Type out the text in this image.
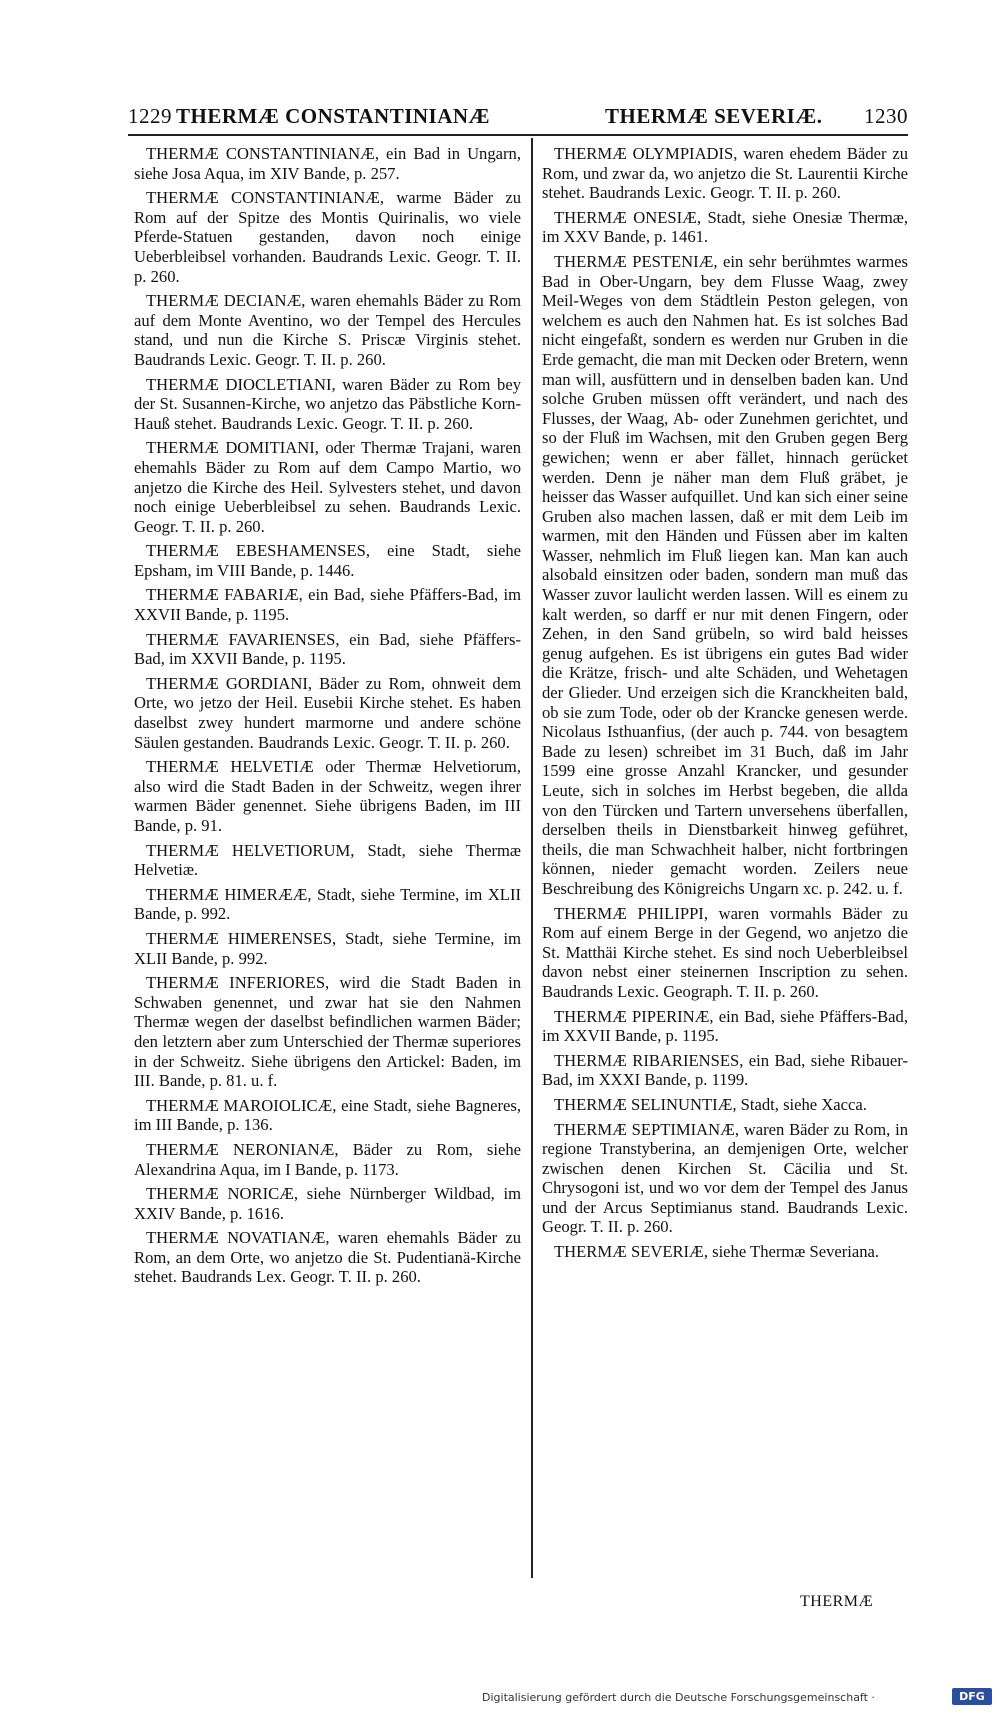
1229 THERMÆ CONSTANTINIANÆ	THERMÆ SEVERIÆ. 1230

THERMÆ CONSTANTINIANÆ, ein Bad in Ungarn, siehe Josa Aqua, im XIV Bande, p. 257.

THERMÆ CONSTANTINIANÆ, warme Bäder zu Rom auf der Spitze des Montis Quirinalis, wo viele Pferde-Statuen gestanden, davon noch einige Ueberbleibsel vorhanden. Baudrands Lexic. Geogr. T. II. p. 260.

THERMÆ DECIANÆ, waren ehemahls Bäder zu Rom auf dem Monte Aventino, wo der Tempel des Hercules stand, und nun die Kirche S. Priscæ Virginis stehet. Baudrands Lexic. Geogr. T. II. p. 260.

THERMÆ DIOCLETIANI, waren Bäder zu Rom bey der St. Susannen-Kirche, wo anjetzo das Päbstliche Korn-Hauß stehet. Baudrands Lexic. Geogr. T. II. p. 260.

THERMÆ DOMITIANI, oder Thermæ Trajani, waren ehemahls Bäder zu Rom auf dem Campo Martio, wo anjetzo die Kirche des Heil. Sylvesters stehet, und davon noch einige Ueberbleibsel zu sehen. Baudrands Lexic. Geogr. T. II. p. 260.

THERMÆ EBESHAMENSES, eine Stadt, siehe Epsham, im VIII Bande, p. 1446.

THERMÆ FABARIÆ, ein Bad, siehe Pfäffers-Bad, im XXVII Bande, p. 1195.

THERMÆ FAVARIENSES, ein Bad, siehe Pfäffers-Bad, im XXVII Bande, p. 1195.

THERMÆ GORDIANI, Bäder zu Rom, ohnweit dem Orte, wo jetzo der Heil. Eusebii Kirche stehet. Es haben daselbst zwey hundert marmorne und andere schöne Säulen gestanden. Baudrands Lexic. Geogr. T. II. p. 260.

THERMÆ HELVETIÆ oder Thermæ Helvetiorum, also wird die Stadt Baden in der Schweitz, wegen ihrer warmen Bäder genennet. Siehe übrigens Baden, im III Bande, p. 91.

THERMÆ HELVETIORUM, Stadt, siehe Thermæ Helvetiæ.

THERMÆ HIMERÆÆ, Stadt, siehe Termine, im XLII Bande, p. 992.

THERMÆ HIMERENSES, Stadt, siehe Termine, im XLII Bande, p. 992.

THERMÆ INFERIORES, wird die Stadt Baden in Schwaben genennet, und zwar hat sie den Nahmen Thermæ wegen der daselbst befindlichen warmen Bäder; den letztern aber zum Unterschied der Thermæ superiores in der Schweitz. Siehe übrigens den Artickel: Baden, im III. Bande, p. 81. u. f.

THERMÆ MAROIOLICÆ, eine Stadt, siehe Bagneres, im III Bande, p. 136.

THERMÆ NERONIANÆ, Bäder zu Rom, siehe Alexandrina Aqua, im I Bande, p. 1173.

THERMÆ NORICÆ, siehe Nürnberger Wildbad, im XXIV Bande, p. 1616.

THERMÆ NOVATIANÆ, waren ehemahls Bäder zu Rom, an dem Orte, wo anjetzo die St. Pudentianä-Kirche stehet. Baudrands Lex. Geogr. T. II. p. 260.

THERMÆ OLYMPIADIS, waren ehedem Bäder zu Rom, und zwar da, wo anjetzo die St. Laurentii Kirche stehet. Baudrands Lexic. Geogr. T. II. p. 260.

THERMÆ ONESIÆ, Stadt, siehe Onesiæ Thermæ, im XXV Bande, p. 1461.

THERMÆ PESTENIÆ, ein sehr berühmtes warmes Bad in Ober-Ungarn, bey dem Flusse Waag, zwey Meil-Weges von dem Städtlein Peston gelegen, von welchem es auch den Nahmen hat. Es ist solches Bad nicht eingefaßt, sondern es werden nur Gruben in die Erde gemacht, die man mit Decken oder Bretern, wenn man will, ausfüttern und in denselben baden kan. Und solche Gruben müssen offt verändert, und nach des Flusses, der Waag, Ab- oder Zunehmen gerichtet, und so der Fluß im Wachsen, mit den Gruben gegen Berg gewichen; wenn er aber fället, hinnach gerücket werden. Denn je näher man dem Fluß gräbet, je heisser das Wasser aufquillet. Und kan sich einer seine Gruben also machen lassen, daß er mit dem Leib im warmen, mit den Händen und Füssen aber im kalten Wasser, nehmlich im Fluß liegen kan. Man kan auch alsobald einsitzen oder baden, sondern man muß das Wasser zuvor laulicht werden lassen. Will es einem zu kalt werden, so darff er nur mit denen Fingern, oder Zehen, in den Sand grübeln, so wird bald heisses genug aufgehen. Es ist übrigens ein gutes Bad wider die Krätze, frisch- und alte Schäden, und Wehetagen der Glieder. Und erzeigen sich die Kranckheiten bald, ob sie zum Tode, oder ob der Krancke genesen werde. Nicolaus Isthuanfius, (der auch p. 744. von besagtem Bade zu lesen) schreibet im 31 Buch, daß im Jahr 1599 eine grosse Anzahl Krancker, und gesunder Leute, sich in solches im Herbst begeben, die allda von den Türcken und Tartern unversehens überfallen, derselben theils in Dienstbarkeit hinweg geführet, theils, die man Schwachheit halber, nicht fortbringen können, nieder gemacht worden. Zeilers neue Beschreibung des Königreichs Ungarn xc. p. 242. u. f.

THERMÆ PHILIPPI, waren vormahls Bäder zu Rom auf einem Berge in der Gegend, wo anjetzo die St. Matthäi Kirche stehet. Es sind noch Ueberbleibsel davon nebst einer steinernen Inscription zu sehen. Baudrands Lexic. Geograph. T. II. p. 260.

THERMÆ PIPERINÆ, ein Bad, siehe Pfäffers-Bad, im XXVII Bande, p. 1195.

THERMÆ RIBARIENSES, ein Bad, siehe Ribauer-Bad, im XXXI Bande, p. 1199.

THERMÆ SELINUNTIÆ, Stadt, siehe Xacca.

THERMÆ SEPTIMIANÆ, waren Bäder zu Rom, in regione Transtyberina, an demjenigen Orte, welcher zwischen denen Kirchen St. Cäcilia und St. Chrysogoni ist, und wo vor dem der Tempel des Janus und der Arcus Septimianus stand. Baudrands Lexic. Geogr. T. II. p. 260.

THERMÆ SEVERIÆ, siehe Thermæ Severiana.

THERMÆ
Digitalisierung gefördert durch die Deutsche Forschungsgemeinschaft ·	DFG
